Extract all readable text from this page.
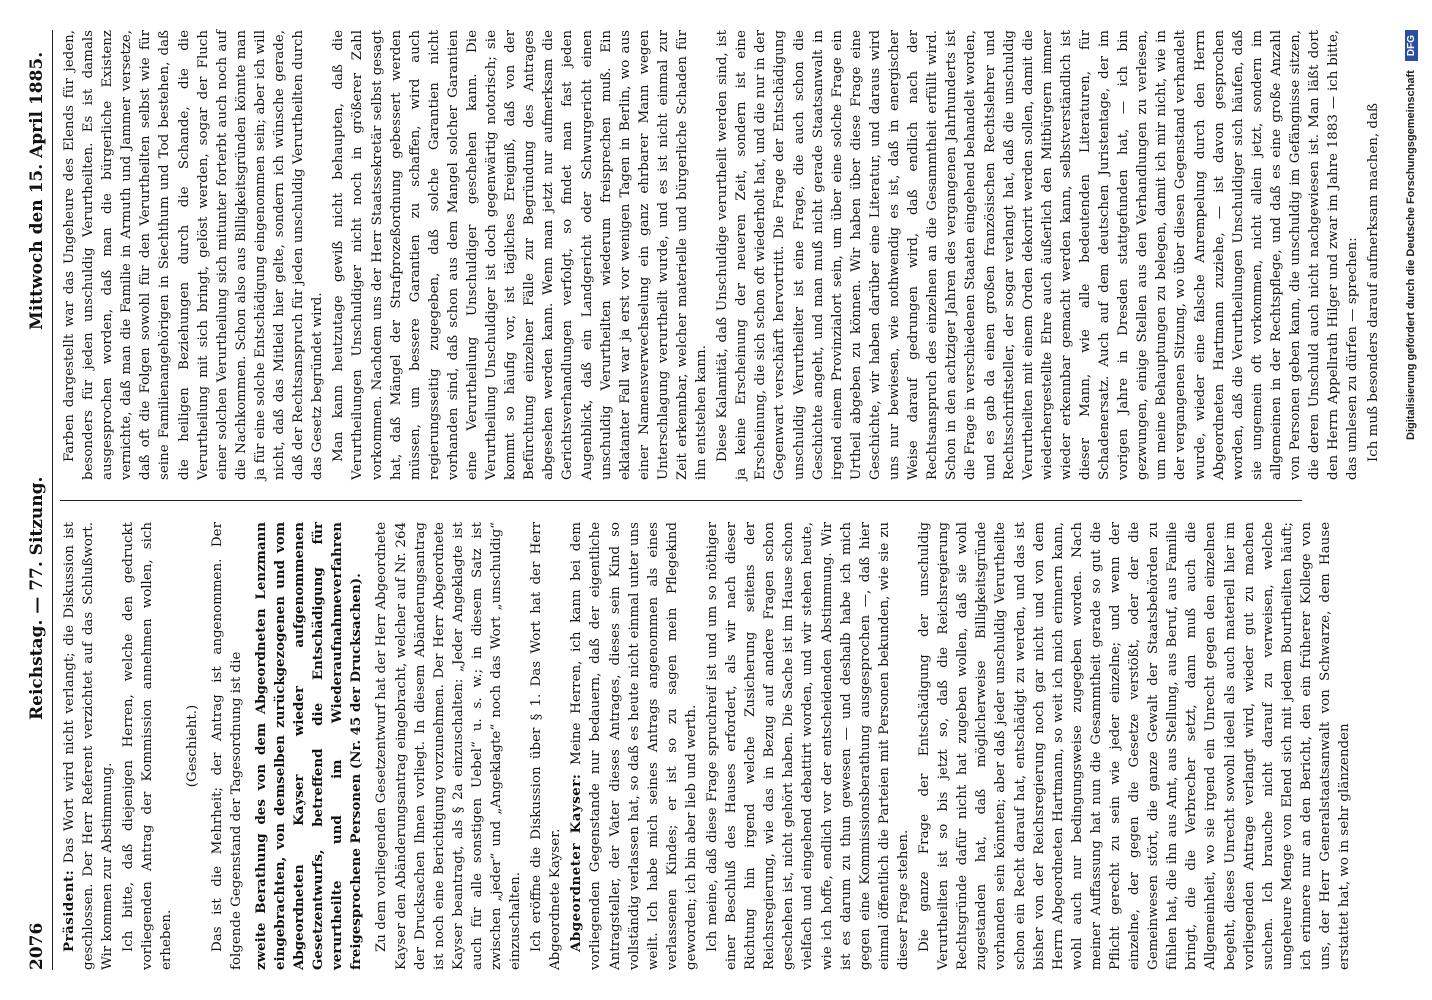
2076
Reichstag. — 77. Sitzung.
Mittwoch den 15. April 1885.

Präsident: Das Wort wird nicht verlangt; die Diskussion ist geschlossen. Der Herr Referent verzichtet auf das Schlußwort. Wir kommen zur Abstimmung. Ich bitte, daß diejenigen Herren, welche den gedruckt vorliegenden Antrag der Kommission annehmen wollen, sich erheben.

(Geschieht.) Das ist die Mehrheit; der Antrag ist angenommen. Der folgende Gegenstand der Tagesordnung ist die zweite Berathung des von dem Abgeordneten Lenzmann eingebrachten, von demselben zurückgezogenen und vom Abgeordneten Kayser wieder aufgenommenen Gesetzentwurfs, betreffend die Entschädigung für verurtheilte und im Wiederaufnahmeverfahren freigesprochene Personen (Nr. 45 der Drucksachen). Zu dem vorliegenden Gesetzentwurf hat der Herr Abgeordnete Kayser den Abänderungsantrag eingebracht, welcher auf Nr. 264 der Drucksachen Ihnen vorliegt. In diesem Abänderungsantrag ist noch eine Berichtigung vorzunehmen. Der Herr Abgeordnete Kayser beantragt, als § 2a einzuschalten: „Jeder Angeklagte ist auch für alle sonstigen Uebel“ u. s. w.; in diesem Satz ist zwischen „jeder“ und „Angeklagte“ noch das Wort „unschuldig“ einzuschalten. Ich eröffne die Diskussion über § 1. Das Wort hat der Herr Abgeordnete Kayser. Abgeordneter Kayser: Meine Herren, ich kann bei dem vorliegenden Gegenstande nur bedauern, daß der eigentliche Antragsteller, der Vater dieses Antrages, dieses sein Kind so vollständig verlassen hat, so daß es heute nicht einmal unter uns weilt. Ich habe mich seines Antrags angenommen als eines verlassenen Kindes; er ist so zu sagen mein Pflegekind geworden; ich bin aber lieb und werth. Ich meine, daß diese Frage spruchreif ist und um so nöthiger einer Beschluß des Hauses erfordert, als wir nach dieser Richtung hin irgend welche Zusicherung seitens der Reichsregierung, wie das in Bezug auf andere Fragen schon geschehen ist, nicht gehört haben. Die Sache ist im Hause schon vielfach und eingehend debattirt worden, und wir stehen heute, wie ich hoffe, endlich vor der entscheidenden Abstimmung. Wir ist es darum zu thun gewesen — und deshalb habe ich mich gegen eine Kommissionsberathung ausgesprochen —, daß hier einmal öffentlich die Parteien mit Personen bekunden, wie sie zu dieser Frage stehen. Die ganze Frage der Entschädigung der unschuldig Verurtheilten ist so bis jetzt so, daß die Reichsregierung Rechtsgründe dafür nicht hat zugeben wollen, daß sie wohl zugestanden hat, daß möglicherweise Billigkeitsgründe vorhanden sein könnten; aber daß jeder unschuldig Verurtheilte schon ein Recht darauf hat, entschädigt zu werden, und das ist bisher von der Reichsregierung noch gar nicht und von dem Herrn Abgeordneten Hartmann, so weit ich mich erinnern kann, wohl auch nur bedingungsweise zugegeben worden. Nach meiner Auffassung hat nun die Gesammtheit gerade so gut die Pflicht gerecht zu sein wie jeder einzelne; und wenn der einzelne, der gegen die Gesetze verstößt, oder der die Gemeinwesen stört, die ganze Gewalt der Staatsbehörden zu fühlen hat, die ihn aus Amt, aus Stellung, aus Beruf, aus Familie bringt, die die Verbrecher setzt, dann muß auch die Allgemeinheit, wo sie irgend ein Unrecht gegen den einzelnen begeht, dieses Unrecht sowohl ideell als auch materiell hier im vorliegenden Antrage verlangt wird, wieder gut zu machen suchen. Ich brauche nicht darauf zu verweisen, welche ungeheure Menge von Elend sich mit jedem Bourtheilten häuft; ich erinnere nur an den Bericht, den ein früherer Kollege von uns, der Herr Generalstaatsanwalt von Schwarze, dem Hause erstattet hat, wo in sehr glänzenden

Farben dargestellt war das Ungeheure des Elends für jeden, besonders für jeden unschuldig Verurtheilten. Es ist damals ausgesprochen worden, daß man die bürgerliche Existenz vernichte, daß man die Familie in Armuth und Jammer versetze, daß oft die Folgen sowohl für den Verurtheilten selbst wie für seine Familienangehörigen in Siechthum und Tod bestehen, daß die heiligen Beziehungen durch die Schande, die die Verurtheilung mit sich bringt, gelöst werden, sogar der Fluch einer solchen Verurtheilung sich mitunter forterbt auch noch auf die Nachkommen. Schon also aus Billigkeitsgründen könnte man ja für eine solche Entschädigung eingenommen sein; aber ich will nicht, daß das Mitleid hier gelte, sondern ich wünsche gerade, daß der Rechtsanspruch für jeden unschuldig Verurtheilten durch das Gesetz begründet wird. Man kann heutzutage gewiß nicht behaupten, daß die Verurtheilungen Unschuldiger nicht noch in größerer Zahl vorkommen. Nachdem uns der Herr Staatssekretär selbst gesagt hat, daß Mängel der Strafprozeßordnung gebessert werden müssen, um bessere Garantien zu schaffen, wird auch regierungsseitig zugegeben, daß solche Garantien nicht vorhanden sind, daß schon aus dem Mangel solcher Garantien eine Verurtheilung Unschuldiger geschehen kann. Die Verurtheilung Unschuldiger ist doch gegenwärtig notorisch; sie kommt so häufig vor, ist tägliches Ereigniß, daß von der Befürchtung einzelner Fälle zur Begründung des Antrages abgesehen werden kann. Wenn man jetzt nur aufmerksam die Gerichtsverhandlungen verfolgt, so findet man fast jeden Augenblick, daß ein Landgericht oder Schwurgericht einen unschuldig Verurtheilten wiederum freisprechen muß. Ein eklatanter Fall war ja erst vor wenigen Tagen in Berlin, wo aus einer Namensverwechselung ein ganz ehrbarer Mann wegen Unterschlagung verurtheilt wurde, und es ist nicht einmal zur Zeit erkennbar, welcher materielle und bürgerliche Schaden für ihn entstehen kann. Diese Kalamität, daß Unschuldige verurtheilt werden sind, ist ja keine Erscheinung der neueren Zeit, sondern ist eine Erscheinung, die sich schon oft wiederholt hat, und die nur in der Gegenwart verschärft hervortritt. Die Frage der Entschädigung unschuldig Verurtheilter ist eine Frage, die auch schon die Geschichte angeht, und man muß nicht gerade Staatsanwalt in irgend einem Provinzialort sein, um über eine solche Frage ein Urtheil abgeben zu können. Wir haben über diese Frage eine Geschichte, wir haben darüber eine Literatur, und daraus wird uns nur bewiesen, wie nothwendig es ist, daß in energischer Weise darauf gedrungen wird, daß endlich nach der Rechtsanspruch des einzelnen an die Gesammtheit erfüllt wird. Schon in den achtziger Jahren des vergangenen Jahrhunderts ist die Frage in verschiedenen Staaten eingehend behandelt worden, und es gab da einen großen französischen Rechtslehrer und Rechtsschriftsteller, der sogar verlangt hat, daß die unschuldig Verurtheilten mit einem Orden dekorirt werden sollen, damit die wiederhergestellte Ehre auch äußerlich den Mitbürgern immer wieder erkennbar gemacht werden kann, selbstverständlich ist dieser Mann, wie alle bedeutenden Literaturen, für Schadenersatz. Auch auf dem deutschen Juristentage, der im vorigen Jahre in Dresden stattgefunden hat, — ich bin gezwungen, einige Stellen aus den Verhandlungen zu verlesen, um meine Behauptungen zu belegen, damit ich mir nicht, wie in der vergangenen Sitzung, wo über diesen Gegenstand verhandelt wurde, wieder eine falsche Anrempelung durch den Herrn Abgeordneten Hartmann zuziehe, — ist davon gesprochen worden, daß die Verurtheilungen Unschuldiger sich häufen, daß sie ungemein oft vorkommen, nicht allein jetzt, sondern im allgemeinen in der Rechtspflege, und daß es eine große Anzahl von Personen geben kann, die unschuldig im Gefängnisse sitzen, die deren Unschuld auch nicht nachgewiesen ist. Man läßt dort den Herrn Appellrath Hilger und zwar im Jahre 1883 — ich bitte, das umlesen zu dürfen — sprechen: Ich muß besonders darauf aufmerksam machen, daß Digitalisierung gefördert durch die Deutsche Forschungsgemeinschaft DFG
